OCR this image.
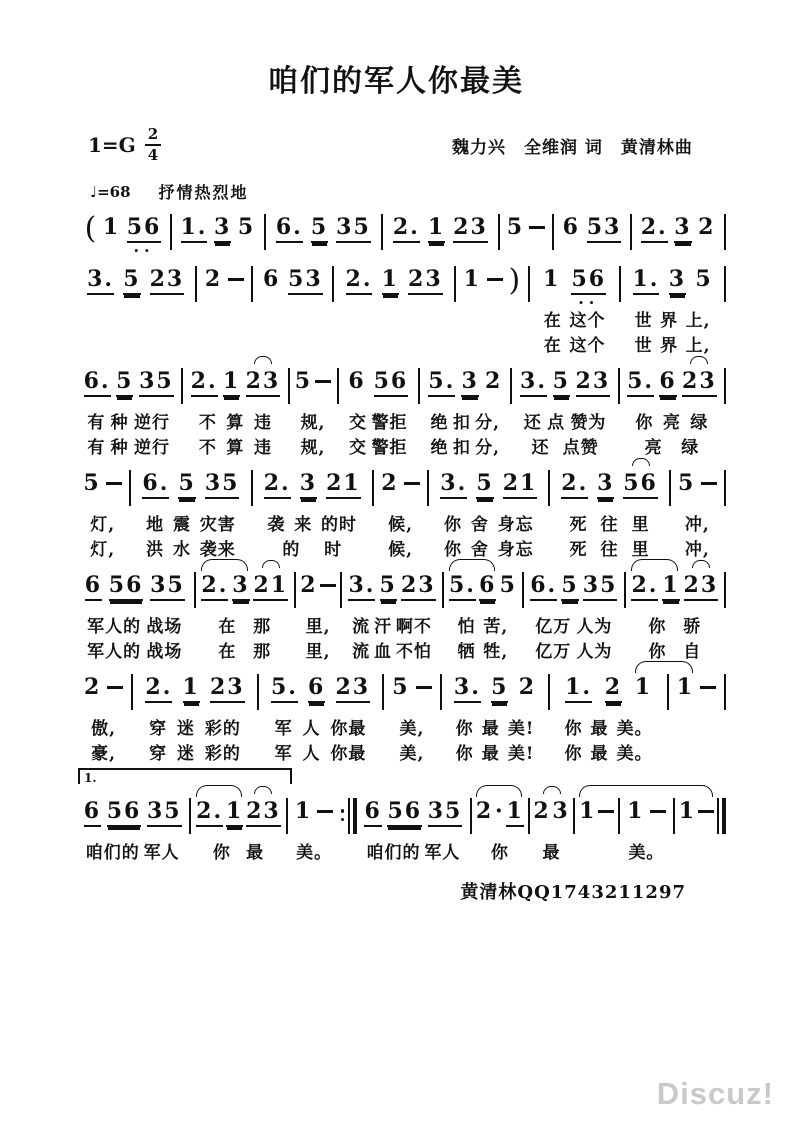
咱们的军人你最美
$1=G \frac{2}{4}$	魏力兴　全维润 词　黄清林曲
♩=68 抒情热烈地
( 1 56
··
1. 3 5 6. 5 35 2. 1 23 5 6 53 2. 3 2
3. 5 23 2 6 53 2. 1 23 1 ) 1 56
··
在 这个
在 这个
1. 3 5
世 界 上,
世 界 上,
6. 5 35
有 种 逆行
有 种 逆行
2. 1 23
不 算 违
不 算 违
5
规,
规,
6 56
交 警拒
交 警拒
5. 3 2
绝 扣 分,
绝 扣 分,
3. 5 23
还 点 赞为
还 点赞
5. 6 23
你 亮 绿
亮 绿
5
灯,
灯,
6. 5 35
地 震 灾害
洪 水 袭来
2. 3 21
袭 来 的时
的 时
2
候,
候,
3. 5 21
你 舍 身忘
你 舍 身忘
2. 3 56
死 往 里
死 往 里
5
冲,
冲,
6 56 35
军人的 战场
军人的 战场
2. 3 21
在 那
在 那
2
里,
里,
3. 5 23
流 汗 啊不
流 血 不怕
5. 6 5
怕 苦,
牺 牲,
6. 5 35
亿万 人为
亿万 人为
2. 1 23
你 骄
你 自
2
傲,
豪,
2. 1 23
穿 迷 彩的
穿 迷 彩的
5. 6 23
军 人 你最
军 人 你最
5
美,
美,
3. 5 2
你 最 美!
你 最 美!
1. 2 1
你 最 美。
你 最 美。
1
6 56 35
咱们的 军人
2. 1 23
你 最
1
美。
6 56 35
咱们的 军人
2 · 1
你
2 3
最
1 1
美。
1
1.
黄清林QQ1743211297
Discuz!
